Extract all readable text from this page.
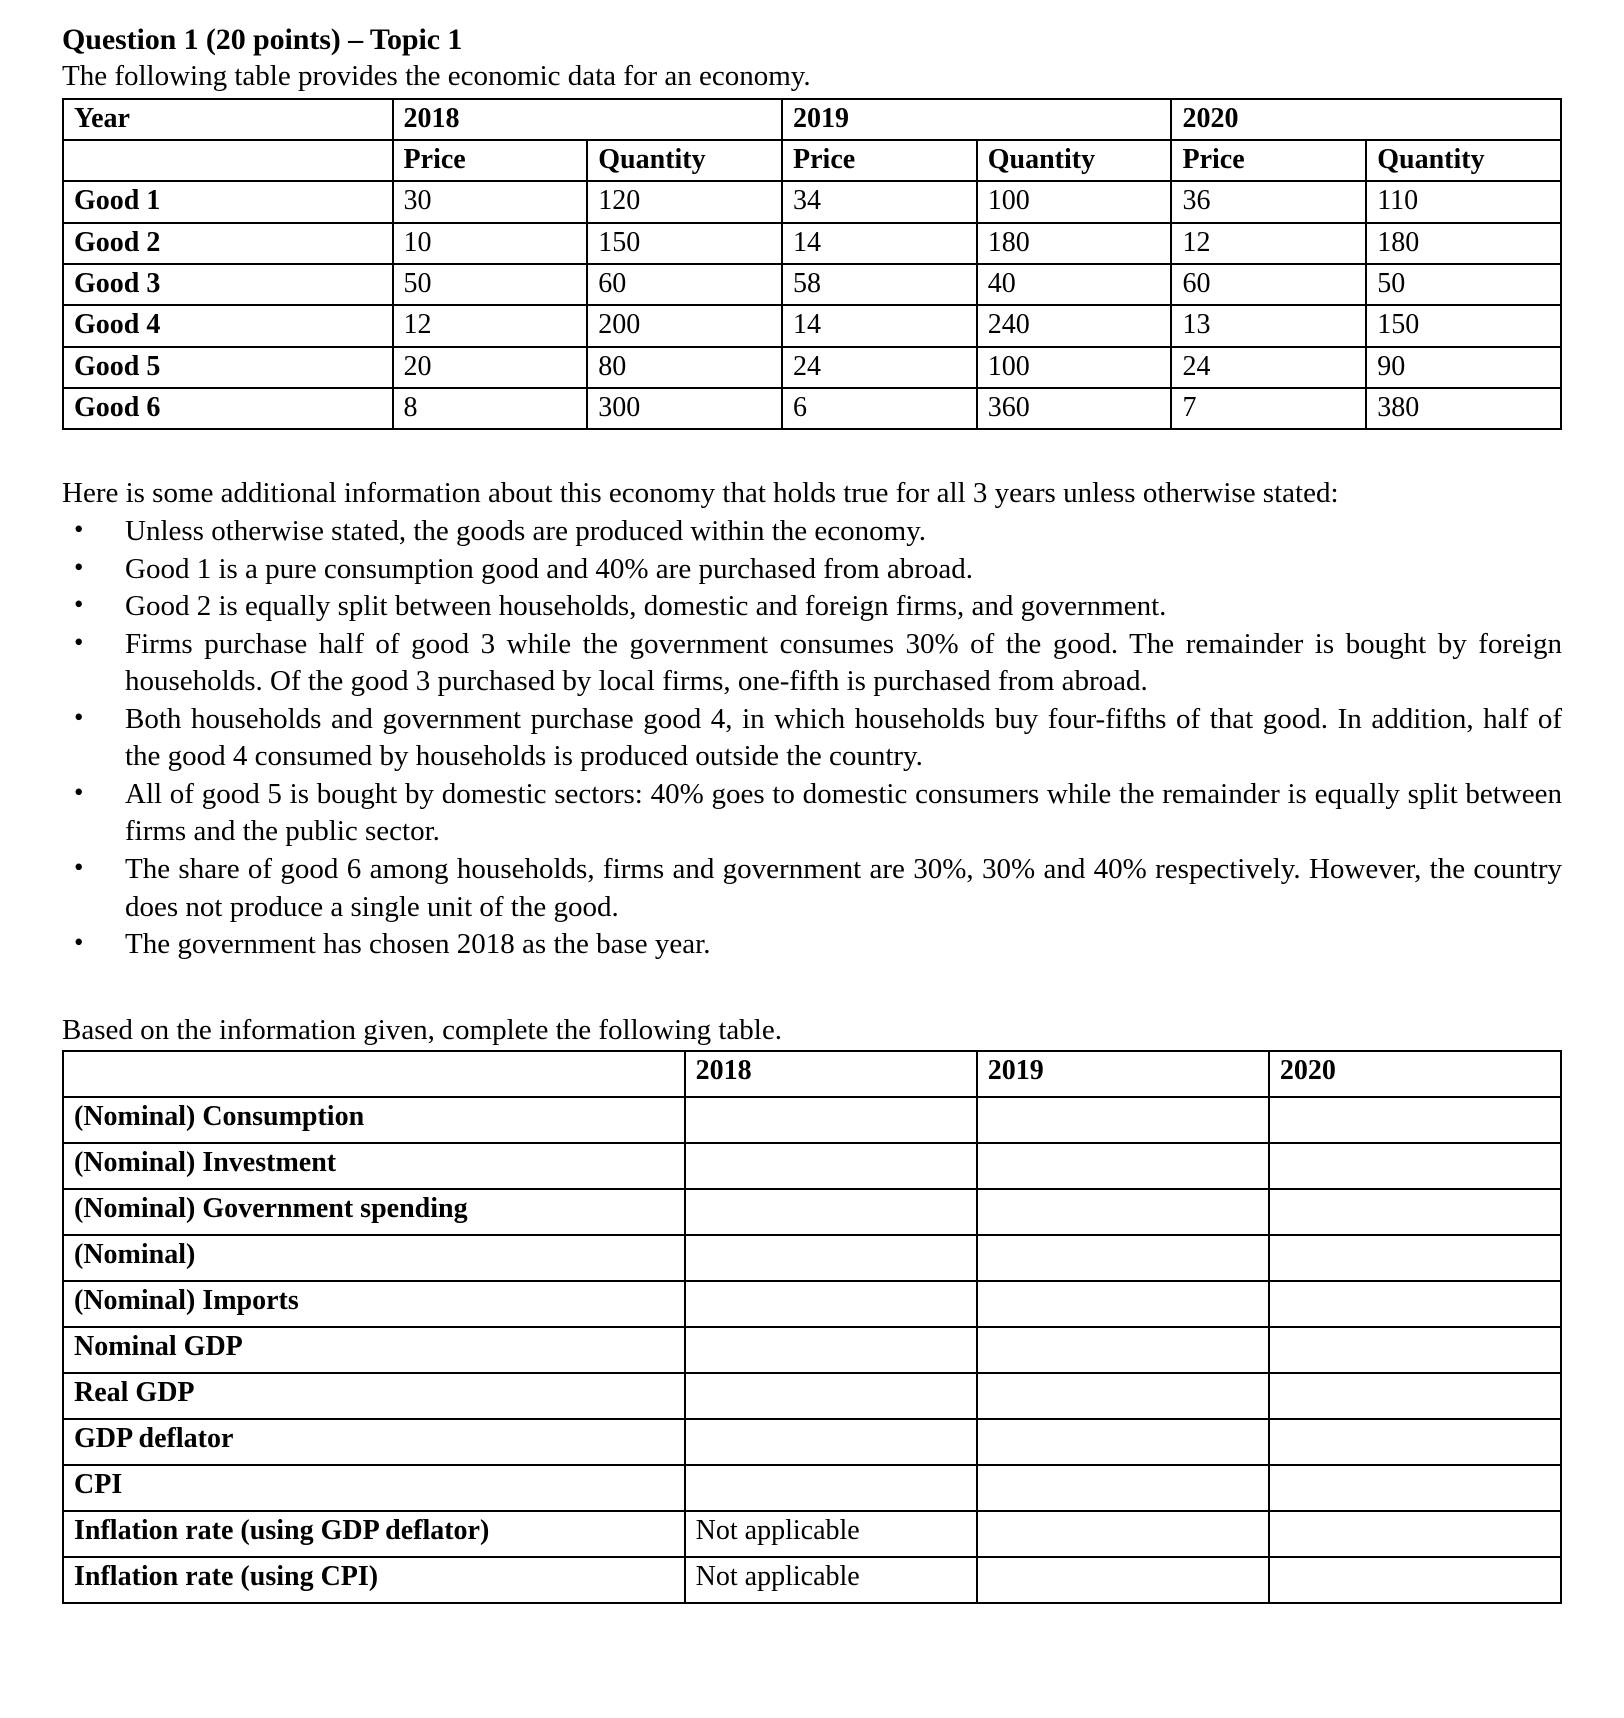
Question 1 (20 points) – Topic 1

The following table provides the economic data for an economy.

Year	2018		2019		2020	
	Price	Quantity	Price	Quantity	Price	Quantity
Good 1	30	120	34	100	36	110
Good 2	10	150	14	180	12	180
Good 3	50	60	58	40	60	50
Good 4	12	200	14	240	13	150
Good 5	20	80	24	100	24	90
Good 6	8	300	6	360	7	380

Here is some additional information about this economy that holds true for all 3 years unless otherwise stated:

• Unless otherwise stated, the goods are produced within the economy.
• Good 1 is a pure consumption good and 40% are purchased from abroad.
• Good 2 is equally split between households, domestic and foreign firms, and government.
• Firms purchase half of good 3 while the government consumes 30% of the good. The remainder is bought by foreign households. Of the good 3 purchased by local firms, one-fifth is purchased from abroad.
• Both households and government purchase good 4, in which households buy four-fifths of that good. In addition, half of the good 4 consumed by households is produced outside the country.
• All of good 5 is bought by domestic sectors: 40% goes to domestic consumers while the remainder is equally split between firms and the public sector.
• The share of good 6 among households, firms and government are 30%, 30% and 40% respectively. However, the country does not produce a single unit of the good.
• The government has chosen 2018 as the base year.

Based on the information given, complete the following table.

	2018	2019	2020
(Nominal) Consumption			
(Nominal) Investment			
(Nominal) Government spending			
(Nominal)			
(Nominal) Imports			
Nominal GDP			
Real GDP			
GDP deflator			
CPI			
Inflation rate (using GDP deflator)	Not applicable		
Inflation rate (using CPI)	Not applicable		
